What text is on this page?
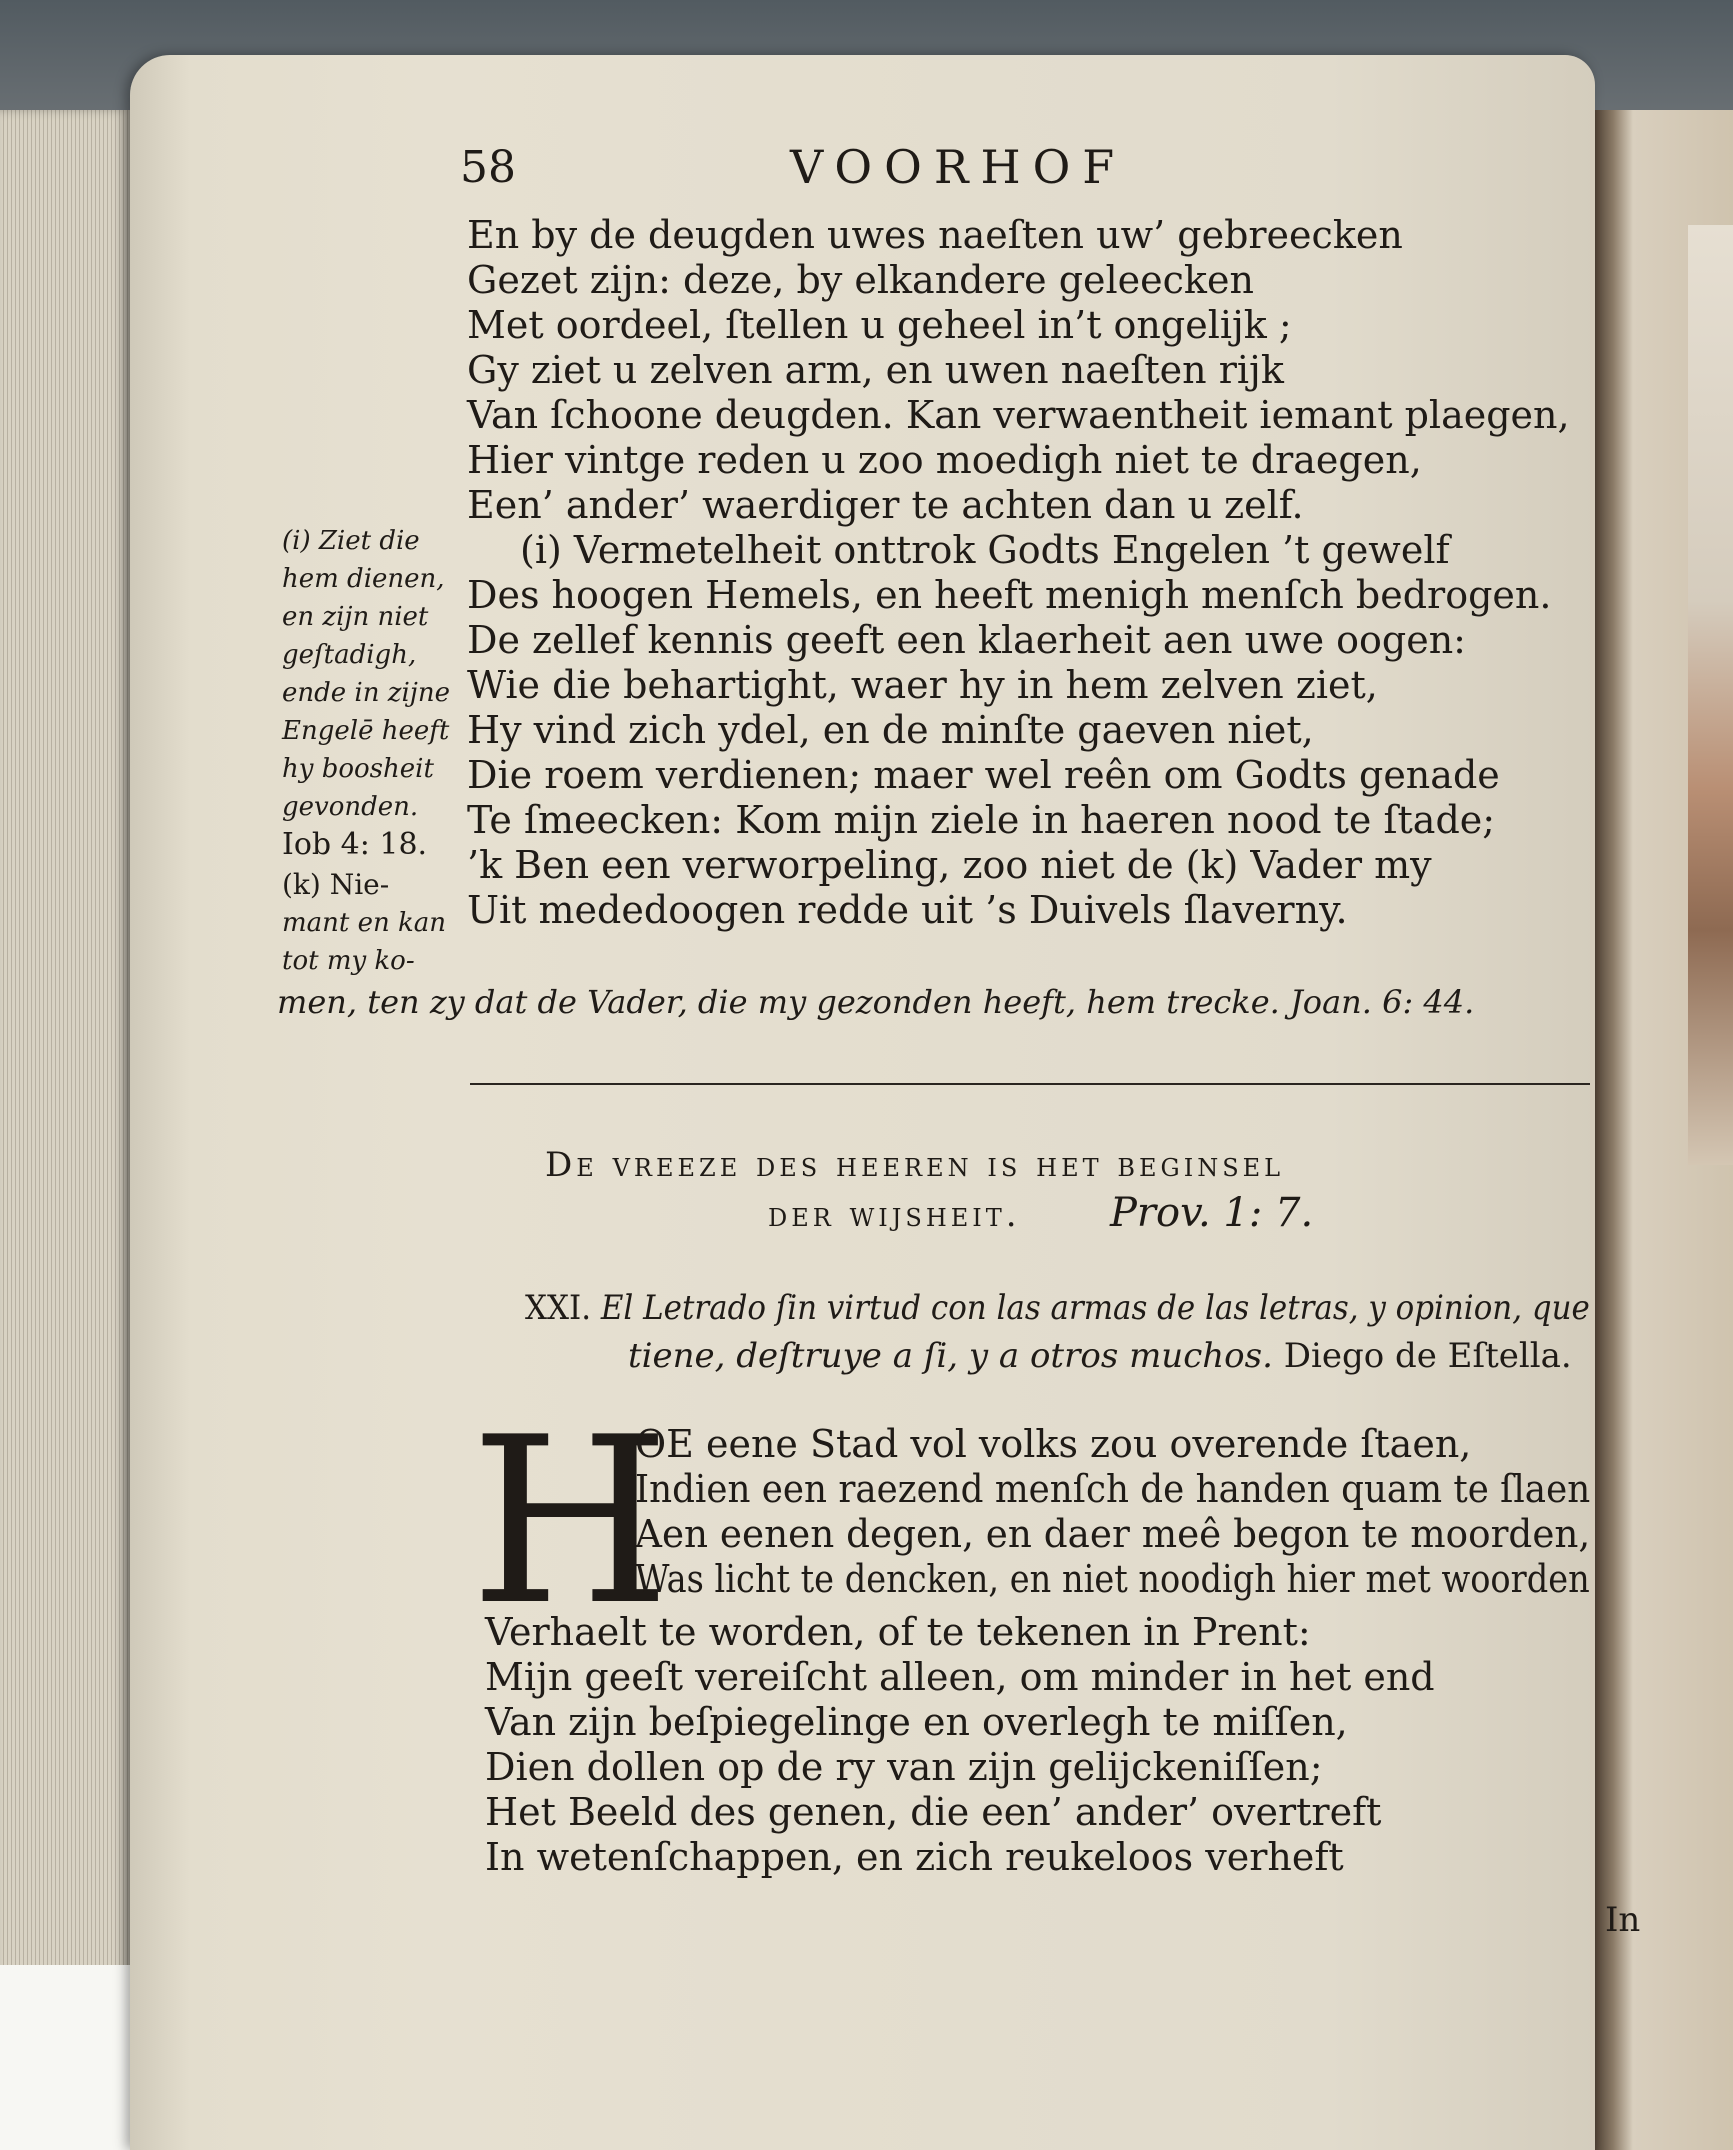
58	VOORHOF
En by de deugden uwes naeſten uw’ gebreecken
Gezet zijn: deze, by elkandere geleecken
Met oordeel, ſtellen u geheel in’t ongelijk ;
Gy ziet u zelven arm, en uwen naeſten rijk
Van ſchoone deugden. Kan verwaentheit iemant plaegen,
Hier vintge reden u zoo moedigh niet te draegen,
Een’ ander’ waerdiger te achten dan u zelf.
(i) Vermetelheit onttrok Godts Engelen ’t gewelf
Des hoogen Hemels, en heeft menigh menſch bedrogen.
De zellef kennis geeft een klaerheit aen uwe oogen:
Wie die behartight, waer hy in hem zelven ziet,
Hy vind zich ydel, en de minſte gaeven niet,
Die roem verdienen; maer wel reên om Godts genade
Te ſmeecken: Kom mijn ziele in haeren nood te ſtade;
’k Ben een verworpeling, zoo niet de (k) Vader my
Uit mededoogen redde uit ’s Duivels ſlaverny.
(i) Ziet die
hem dienen,
en zijn niet
geſtadigh,
ende in zijne
Engelē heeft
hy boosheit
gevonden.
Iob 4: 18.
(k) Nie-
mant en kan
tot my ko-
men, ten zy dat de Vader, die my gezonden heeft, hem trecke. Joan. 6: 44.
De vreeze des heeren is het beginsel
der wijsheit. Prov. 1: 7.
XXI. El Letrado ſin virtud con las armas de las letras, y opinion, que
tiene, deſtruye a ſi, y a otros muchos. Diego de Eſtella.
H
OE eene Stad vol volks zou overende ſtaen,
Indien een raezend menſch de handen quam te ſlaen
Aen eenen degen, en daer meê begon te moorden,
Was licht te dencken, en niet noodigh hier met woorden
Verhaelt te worden, of te tekenen in Prent:
Mijn geeſt vereiſcht alleen, om minder in het end
Van zijn beſpiegelinge en overlegh te miſſen,
Dien dollen op de ry van zijn gelijckeniſſen;
Het Beeld des genen, die een’ ander’ overtreft
In wetenſchappen, en zich reukeloos verheft
In
